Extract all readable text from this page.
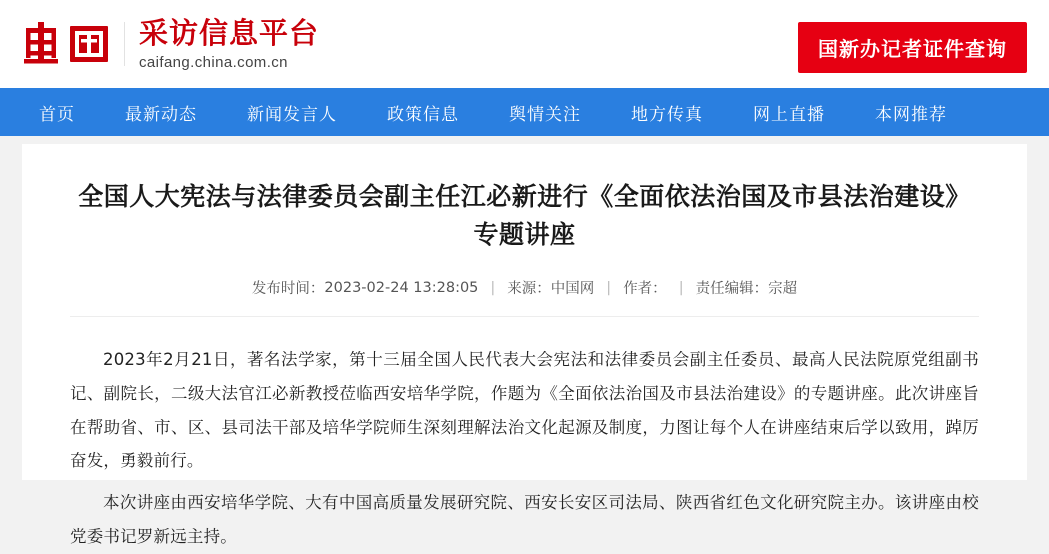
采访信息平台
caifang.china.com.cn
国新办记者证件查询
首页	最新动态	新闻发言人	政策信息	舆情关注	地方传真	网上直播	本网推荐
全国人大宪法与法律委员会副主任江必新进行《全面依法治国及市县法治建设》专题讲座
发布时间： 2023-02-24 13:28:05 | 来源： 中国网 | 作者： | 责任编辑： 宗超

2023年2月21日，著名法学家，第十三届全国人民代表大会宪法和法律委员会副主任委员、最高人民法院原党组副书记、副院长，二级大法官江必新教授莅临西安培华学院，作题为《全面依法治国及市县法治建设》的专题讲座。此次讲座旨在帮助省、市、区、县司法干部及培华学院师生深刻理解法治文化起源及制度，力图让每个人在讲座结束后学以致用，踔厉奋发，勇毅前行。

本次讲座由西安培华学院、大有中国高质量发展研究院、西安长安区司法局、陕西省红色文化研究院主办。该讲座由校党委书记罗新远主持。
